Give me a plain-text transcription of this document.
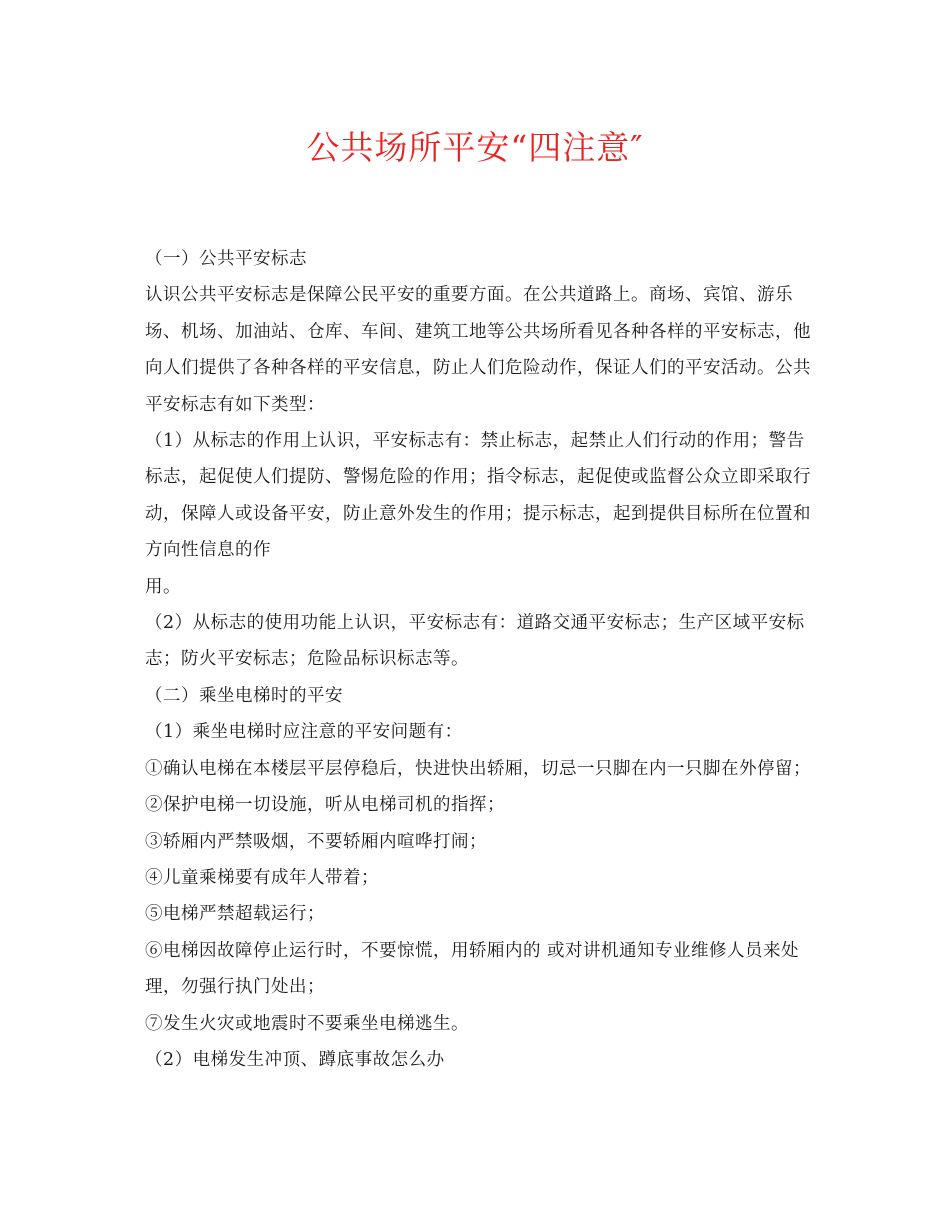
公共场所平安“四注意″

（一）公共平安标志

认识公共平安标志是保障公民平安的重要方面。在公共道路上。商场、宾馆、游乐场、机场、加油站、仓库、车间、建筑工地等公共场所看见各种各样的平安标志，他向人们提供了各种各样的平安信息，防止人们危险动作，保证人们的平安活动。公共平安标志有如下类型：

（1）从标志的作用上认识，平安标志有：禁止标志，起禁止人们行动的作用；警告标志，起促使人们提防、警惕危险的作用；指令标志，起促使或监督公众立即采取行动，保障人或设备平安，防止意外发生的作用；提示标志，起到提供目标所在位置和方向性信息的作

用。

（2）从标志的使用功能上认识，平安标志有：道路交通平安标志；生产区域平安标志；防火平安标志；危险品标识标志等。

（二）乘坐电梯时的平安

（1）乘坐电梯时应注意的平安问题有：

①确认电梯在本楼层平层停稳后，快进快出轿厢，切忌一只脚在内一只脚在外停留；

②保护电梯一切设施，听从电梯司机的指挥；

③轿厢内严禁吸烟，不要轿厢内喧哗打闹；

④儿童乘梯要有成年人带着；

⑤电梯严禁超载运行；

⑥电梯因故障停止运行时，不要惊慌，用轿厢内的 或对讲机通知专业维修人员来处理，勿强行执门处出；

⑦发生火灾或地震时不要乘坐电梯逃生。

（2）电梯发生冲顶、蹲底事故怎么办
